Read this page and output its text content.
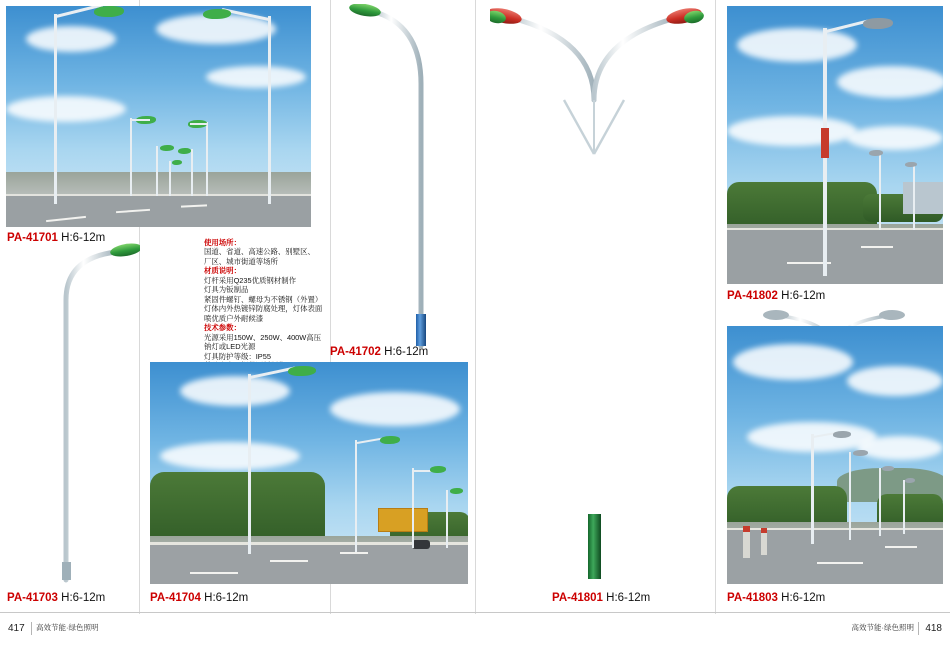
PA-41701 H:6-12m
PA-41703 H:6-12m
PA-41702 H:6-12m

使用场所：

国道、省道、高速公路、别墅区、

厂区、城市街道等场所

材质说明：

灯杆采用Q235优质钢材制作

灯具为钣制品

紧固件螺钉、螺母为不锈钢（外置）

灯体内外热镀锌防腐处理，灯体表面

喷优质户外耐候漆

技术参数：

光源采用150W、250W、400W高压

钠灯或LED光源

灯具防护等级：IP55

PA-41704 H:6-12m	PA-41801 H:6-12m
PA-41802 H:6-12m
PA-41803 H:6-12m
417 高效节能·绿色照明	高效节能·绿色照明 418
